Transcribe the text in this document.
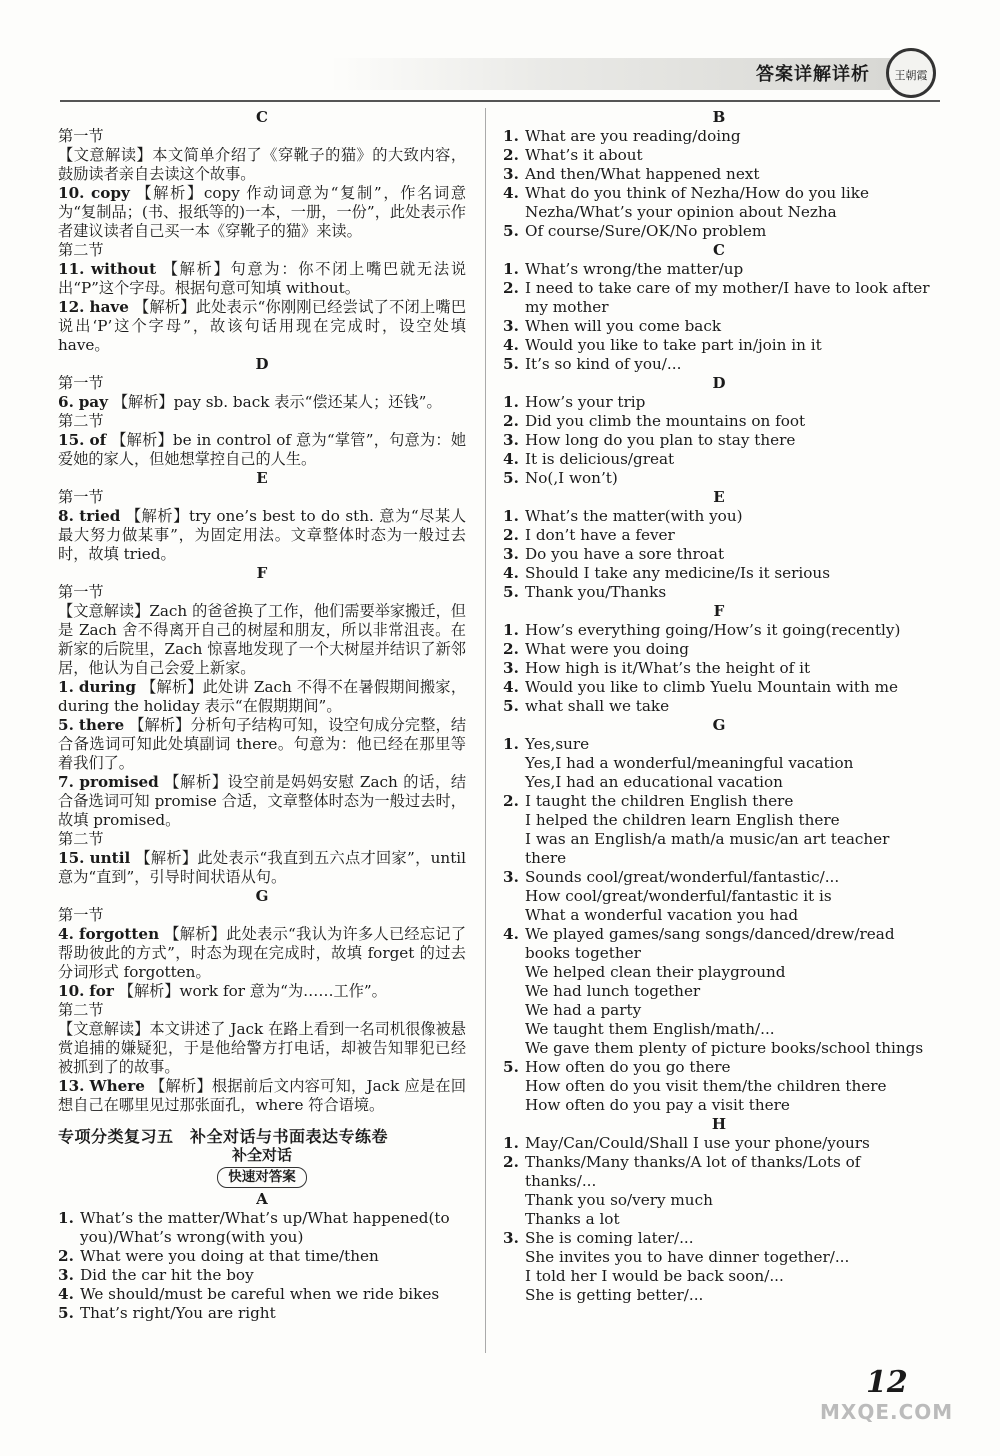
答案详解详析	王朝霞
C
第一节
【文意解读】本文简单介绍了《穿靴子的猫》的大致内容，鼓励读者亲自去读这个故事。
10. copy 【解析】copy 作动词意为“复制”，作名词意为“复制品；(书、报纸等的)一本，一册，一份”，此处表示作者建议读者自己买一本《穿靴子的猫》来读。
第二节
11. without 【解析】句意为：你不闭上嘴巴就无法说出“P”这个字母。根据句意可知填 without。
12. have 【解析】此处表示“你刚刚已经尝试了不闭上嘴巴说出‘P’这个字母”，故该句话用现在完成时，设空处填 have。
D
第一节
6. pay 【解析】pay sb. back 表示“偿还某人；还钱”。
第二节
15. of 【解析】be in control of 意为“掌管”，句意为：她爱她的家人，但她想掌控自己的人生。
E
第一节
8. tried 【解析】try one’s best to do sth. 意为“尽某人最大努力做某事”，为固定用法。文章整体时态为一般过去时，故填 tried。
F
第一节
【文意解读】Zach 的爸爸换了工作，他们需要举家搬迁，但是 Zach 舍不得离开自己的树屋和朋友，所以非常沮丧。在新家的后院里，Zach 惊喜地发现了一个大树屋并结识了新邻居，他认为自己会爱上新家。
1. during 【解析】此处讲 Zach 不得不在暑假期间搬家，during the holiday 表示“在假期期间”。
5. there 【解析】分析句子结构可知，设空句成分完整，结合备选词可知此处填副词 there。句意为：他已经在那里等着我们了。
7. promised 【解析】设空前是妈妈安慰 Zach 的话，结合备选词可知 promise 合适，文章整体时态为一般过去时，故填 promised。
第二节
15. until 【解析】此处表示“我直到五六点才回家”，until 意为“直到”，引导时间状语从句。
G
第一节
4. forgotten 【解析】此处表示“我认为许多人已经忘记了帮助彼此的方式”，时态为现在完成时，故填 forget 的过去分词形式 forgotten。
10. for 【解析】work for 意为“为……工作”。
第二节
【文意解读】本文讲述了 Jack 在路上看到一名司机很像被悬赏追捕的嫌疑犯，于是他给警方打电话，却被告知罪犯已经被抓到了的故事。
13. Where 【解析】根据前后文内容可知，Jack 应是在回想自己在哪里见过那张面孔，where 符合语境。
专项分类复习五　补全对话与书面表达专练卷
补全对话
快速对答案
A
1. What’s the matter/What’s up/What happened(to you)/What’s wrong(with you)
2. What were you doing at that time/then
3. Did the car hit the boy
4. We should/must be careful when we ride bikes
5. That’s right/You are right
B
1. What are you reading/doing
2. What’s it about
3. And then/What happened next
4. What do you think of Nezha/How do you like Nezha/What’s your opinion about Nezha
5. Of course/Sure/OK/No problem
C
1. What’s wrong/the matter/up
2. I need to take care of my mother/I have to look after my mother
3. When will you come back
4. Would you like to take part in/join in it
5. It’s so kind of you/...
D
1. How’s your trip
2. Did you climb the mountains on foot
3. How long do you plan to stay there
4. It is delicious/great
5. No(,I won’t)
E
1. What’s the matter(with you)
2. I don’t have a fever
3. Do you have a sore throat
4. Should I take any medicine/Is it serious
5. Thank you/Thanks
F
1. How’s everything going/How’s it going(recently)
2. What were you doing
3. How high is it/What’s the height of it
4. Would you like to climb Yuelu Mountain with me
5. what shall we take
G
1. Yes,sure
Yes,I had a wonderful/meaningful vacation
Yes,I had an educational vacation
2. I taught the children English there
I helped the children learn English there
I was an English/a math/a music/an art teacher there
3. Sounds cool/great/wonderful/fantastic/...
How cool/great/wonderful/fantastic it is
What a wonderful vacation you had
4. We played games/sang songs/danced/drew/read books together
We helped clean their playground
We had lunch together
We had a party
We taught them English/math/...
We gave them plenty of picture books/school things
5. How often do you go there
How often do you visit them/the children there
How often do you pay a visit there
H
1. May/Can/Could/Shall I use your phone/yours
2. Thanks/Many thanks/A lot of thanks/Lots of thanks/...
Thank you so/very much
Thanks a lot
3. She is coming later/...
She invites you to have dinner together/...
I told her I would be back soon/...
She is getting better/...
12
MXQE.COM
